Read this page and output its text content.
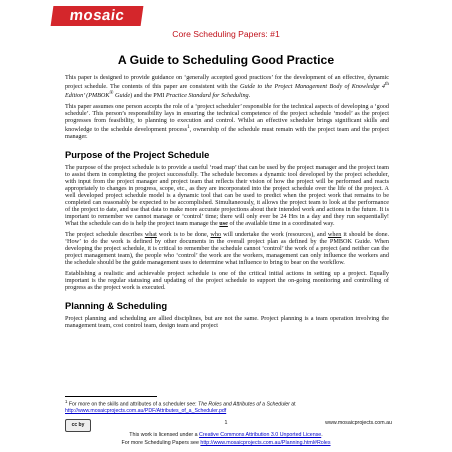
mosaic
Core Scheduling Papers: #1
A Guide to Scheduling Good Practice

This paper is designed to provide guidance on ‘generally accepted good practices’ for the development of an effective, dynamic project schedule. The contents of this paper are consistent with the Guide to the Project Management Body of Knowledge 4th Edition’ (PMBOK® Guide) and the PMI Practice Standard for Scheduling.

This paper assumes one person accepts the role of a ‘project scheduler’ responsible for the technical aspects of developing a ‘good schedule’. This person’s responsibility lays in ensuring the technical competence of the project schedule ‘model’ as the project progresses from feasibility, to planning to execution and control. Whilst an effective scheduler brings significant skills and knowledge to the schedule development process$^1$, ownership of the schedule must remain with the project team and the project manager.

Purpose of the Project Schedule

The purpose of the project schedule is to provide a useful ‘road map’ that can be used by the project manager and the project team to assist them in completing the project successfully. The schedule becomes a dynamic tool developed by the project scheduler, with input from the project manager and project team that reflects their vision of how the project will be performed and reacts appropriately to changes in progress, scope, etc., as they are incorporated into the project schedule over the life of the project. A well developed project schedule model is a dynamic tool that can be used to predict when the project work that remains to be completed can reasonably be expected to be accomplished. Simultaneously, it allows the project team to look at the performance of the project to date, and use that data to make more accurate projections about their intended work and actions in the future. It is important to remember we cannot manage or ‘control’ time; there will only ever be 24 Hrs in a day and they run sequentially! What the schedule can do is help the project team manage the use of the available time in a coordinated way.

The project schedule describes what work is to be done, who will undertake the work (resources), and when it should be done. ‘How’ to do the work is defined by other documents in the overall project plan as defined by the PMBOK Guide. When developing the project schedule, it is critical to remember the schedule cannot ‘control’ the work of a project (and neither can the project management team), the people who ‘control’ the work are the workers, management can only influence the workers and the schedule should be the guide management uses to determine what influence to bring to bear on the workflow.

Establishing a realistic and achievable project schedule is one of the critical initial actions in setting up a project. Equally important is the regular statusing and updating of the project schedule to support the on-going monitoring and controlling of progress as the project work is executed.

Planning & Scheduling

Project planning and scheduling are allied disciplines, but are not the same. Project planning is a team operation involving the management team, cost control team, design team and project

$^1$ For more on the skills and attributes of a scheduler see: The Roles and Attributes of a Scheduler at
http://www.mosaicprojects.com.au/PDF/Attributes_of_a_Scheduler.pdf
cc by	1	www.mosaicprojects.com.au
This work is licensed under a Creative Commons Attribution 3.0 Unported License.
For more Scheduling Papers see http://www.mosaicprojects.com.au/Planning.html#Roles
